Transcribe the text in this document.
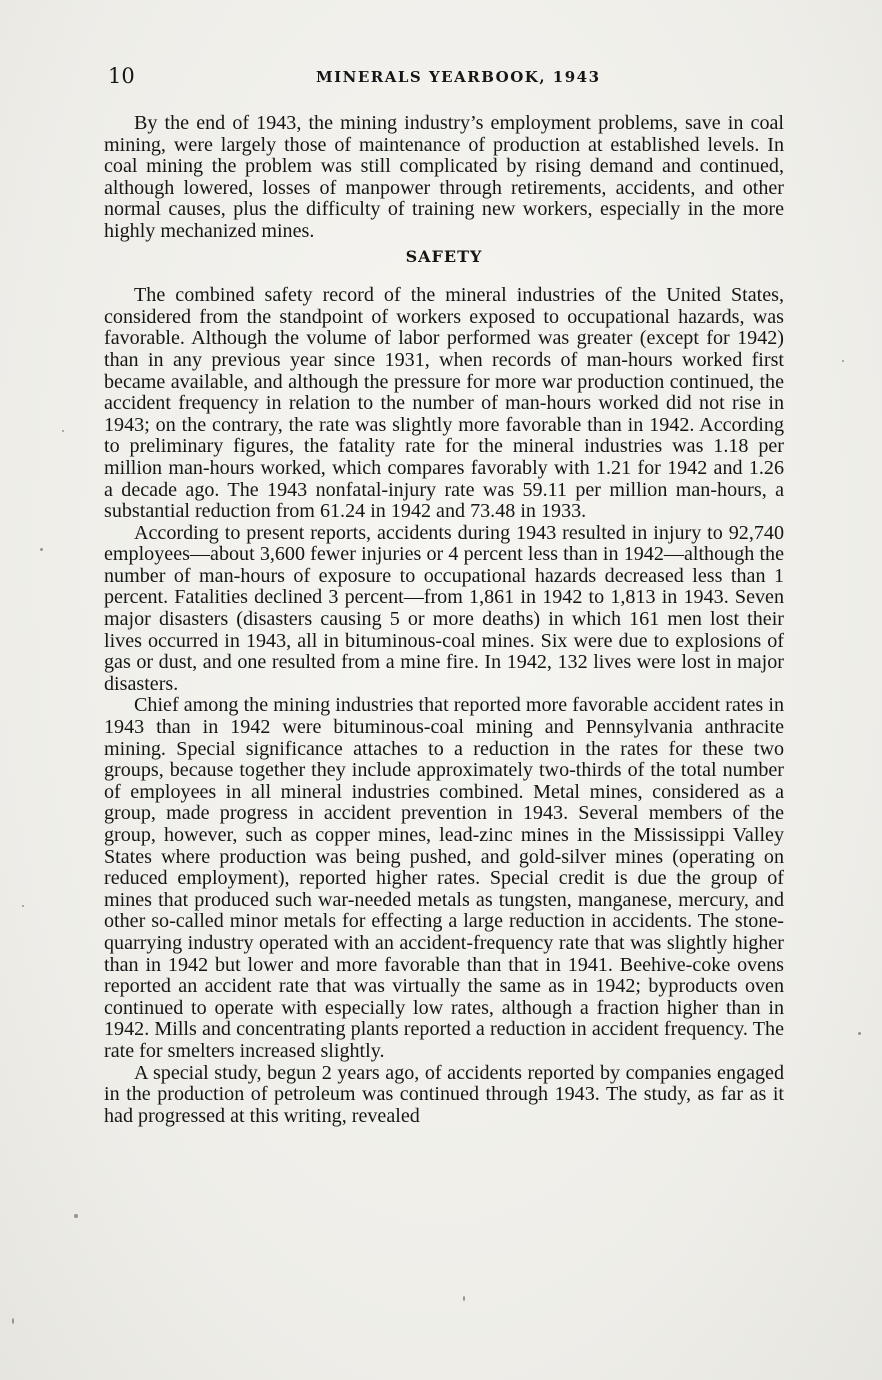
10	MINERALS YEARBOOK, 1943

By the end of 1943, the mining industry’s employment problems, save in coal mining, were largely those of maintenance of production at established levels. In coal mining the problem was still complicated by rising demand and continued, although lowered, losses of manpower through retirements, accidents, and other normal causes, plus the difficulty of training new workers, especially in the more highly mechanized mines.

SAFETY

The combined safety record of the mineral industries of the United States, considered from the standpoint of workers exposed to occupational hazards, was favorable. Although the volume of labor performed was greater (except for 1942) than in any previous year since 1931, when records of man-hours worked first became available, and although the pressure for more war production continued, the accident frequency in relation to the number of man-hours worked did not rise in 1943; on the contrary, the rate was slightly more favorable than in 1942. According to preliminary figures, the fatality rate for the mineral industries was 1.18 per million man-hours worked, which compares favorably with 1.21 for 1942 and 1.26 a decade ago. The 1943 nonfatal-injury rate was 59.11 per million man-hours, a substantial reduction from 61.24 in 1942 and 73.48 in 1933.

According to present reports, accidents during 1943 resulted in injury to 92,740 employees—about 3,600 fewer injuries or 4 percent less than in 1942—although the number of man-hours of exposure to occupational hazards decreased less than 1 percent. Fatalities declined 3 percent—from 1,861 in 1942 to 1,813 in 1943. Seven major disasters (disasters causing 5 or more deaths) in which 161 men lost their lives occurred in 1943, all in bituminous-coal mines. Six were due to explosions of gas or dust, and one resulted from a mine fire. In 1942, 132 lives were lost in major disasters.

Chief among the mining industries that reported more favorable accident rates in 1943 than in 1942 were bituminous-coal mining and Pennsylvania anthracite mining. Special significance attaches to a reduction in the rates for these two groups, because together they include approximately two-thirds of the total number of employees in all mineral industries combined. Metal mines, considered as a group, made progress in accident prevention in 1943. Several members of the group, however, such as copper mines, lead-zinc mines in the Mississippi Valley States where production was being pushed, and gold-silver mines (operating on reduced employment), reported higher rates. Special credit is due the group of mines that produced such war-needed metals as tungsten, manganese, mercury, and other so-called minor metals for effecting a large reduction in accidents. The stone-quarrying industry operated with an accident-frequency rate that was slightly higher than in 1942 but lower and more favorable than that in 1941. Beehive-coke ovens reported an accident rate that was virtually the same as in 1942; byproducts oven continued to operate with especially low rates, although a fraction higher than in 1942. Mills and concentrating plants reported a reduction in accident frequency. The rate for smelters increased slightly.

A special study, begun 2 years ago, of accidents reported by companies engaged in the production of petroleum was continued through 1943. The study, as far as it had progressed at this writing, revealed
